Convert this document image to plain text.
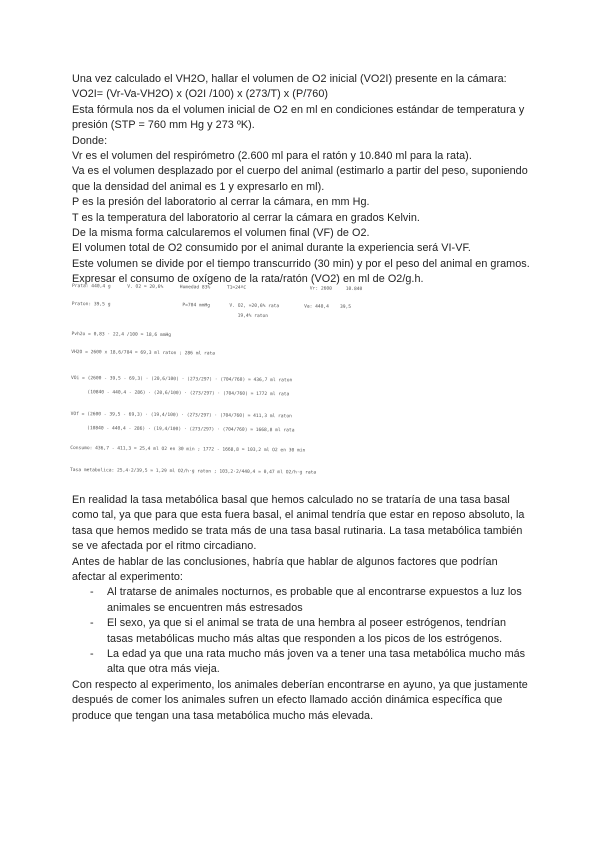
Una vez calculado el VH2O, hallar el volumen de O2 inicial (VO2I) presente en la cámara:

VO2I= (Vr-Va-VH2O) x (O2I /100) x (273/T) x (P/760)

Esta fórmula nos da el volumen inicial de O2 en ml en condiciones estándar de temperatura y presión (STP = 760 mm Hg y 273 ºK).

Donde:

Vr es el volumen del respirómetro (2.600 ml para el ratón y 10.840 ml para la rata).

Va es el volumen desplazado por el cuerpo del animal (estimarlo a partir del peso, suponiendo que la densidad del animal es 1 y expresarlo en ml).

P es la presión del laboratorio al cerrar la cámara, en mm Hg.

T es la temperatura del laboratorio al cerrar la cámara en grados Kelvin.

De la misma forma calcularemos el volumen final (VF) de O2.

El volumen total de O2 consumido por el animal durante la experiencia será VI-VF.

Este volumen se divide por el tiempo transcurrido (30 min) y por el peso del animal en gramos. Expresar el consumo de oxígeno de la rata/ratón (VO2) en ml de O2/g.h.

Prata: 440,4 g      V. O2 = 20,6%      Humedad 83%      T1=24ºC                       Vr: 2600     10.840
Praton: 39,5 g                          P=704 mmHg       V. O2, =20,6% rata         Va: 440,4    39,5
19,4% raton
Pvh2o = 0,83 · 22,4 /100 = 18,6 mmHg
VH2O = 2600 x 18,6/704 = 69,3 ml raton ; 286 ml rata
VOi = (2600 - 39,5 - 69,3) · (20,6/100) · (273/297) · (704/760) = 436,7 ml raton
(10840 - 440,4 - 286) · (20,6/100) · (273/297) · (704/760) = 1772 ml rata
VOf = (2600 - 39,5 - 69,3) · (19,4/100) · (273/297) · (704/760) = 411,3 ml raton
(10840 - 440,4 - 286) · (19,4/100) · (273/297) · (704/760) = 1668,8 ml rata
Consumo: 436,7 - 411,3 = 25,4 ml O2 en 30 min ; 1772 - 1668,8 = 103,2 ml O2 en 30 min
Tasa metabolica: 25,4·2/39,5 = 1,29 ml O2/h·g raton ; 103,2·2/440,4 = 0,47 ml O2/h·g rata

En realidad la tasa metabólica basal que hemos calculado no se trataría de una tasa basal como tal, ya que para que esta fuera basal, el animal tendría que estar en reposo absoluto, la tasa que hemos medido se trata más de una tasa basal rutinaria. La tasa metabólica también se ve afectada por el ritmo circadiano.

Antes de hablar de las conclusiones, habría que hablar de algunos factores que podrían afectar al experimento:

- Al tratarse de animales nocturnos, es probable que al encontrarse expuestos a luz los animales se encuentren más estresados
- El sexo, ya que si el animal se trata de una hembra al poseer estrógenos, tendrían tasas metabólicas mucho más altas que responden a los picos de los estrógenos.
- La edad ya que una rata mucho más joven va a tener una tasa metabólica mucho más alta que otra más vieja.

Con respecto al experimento, los animales deberían encontrarse en ayuno, ya que justamente después de comer los animales sufren un efecto llamado acción dinámica específica que produce que tengan una tasa metabólica mucho más elevada.
